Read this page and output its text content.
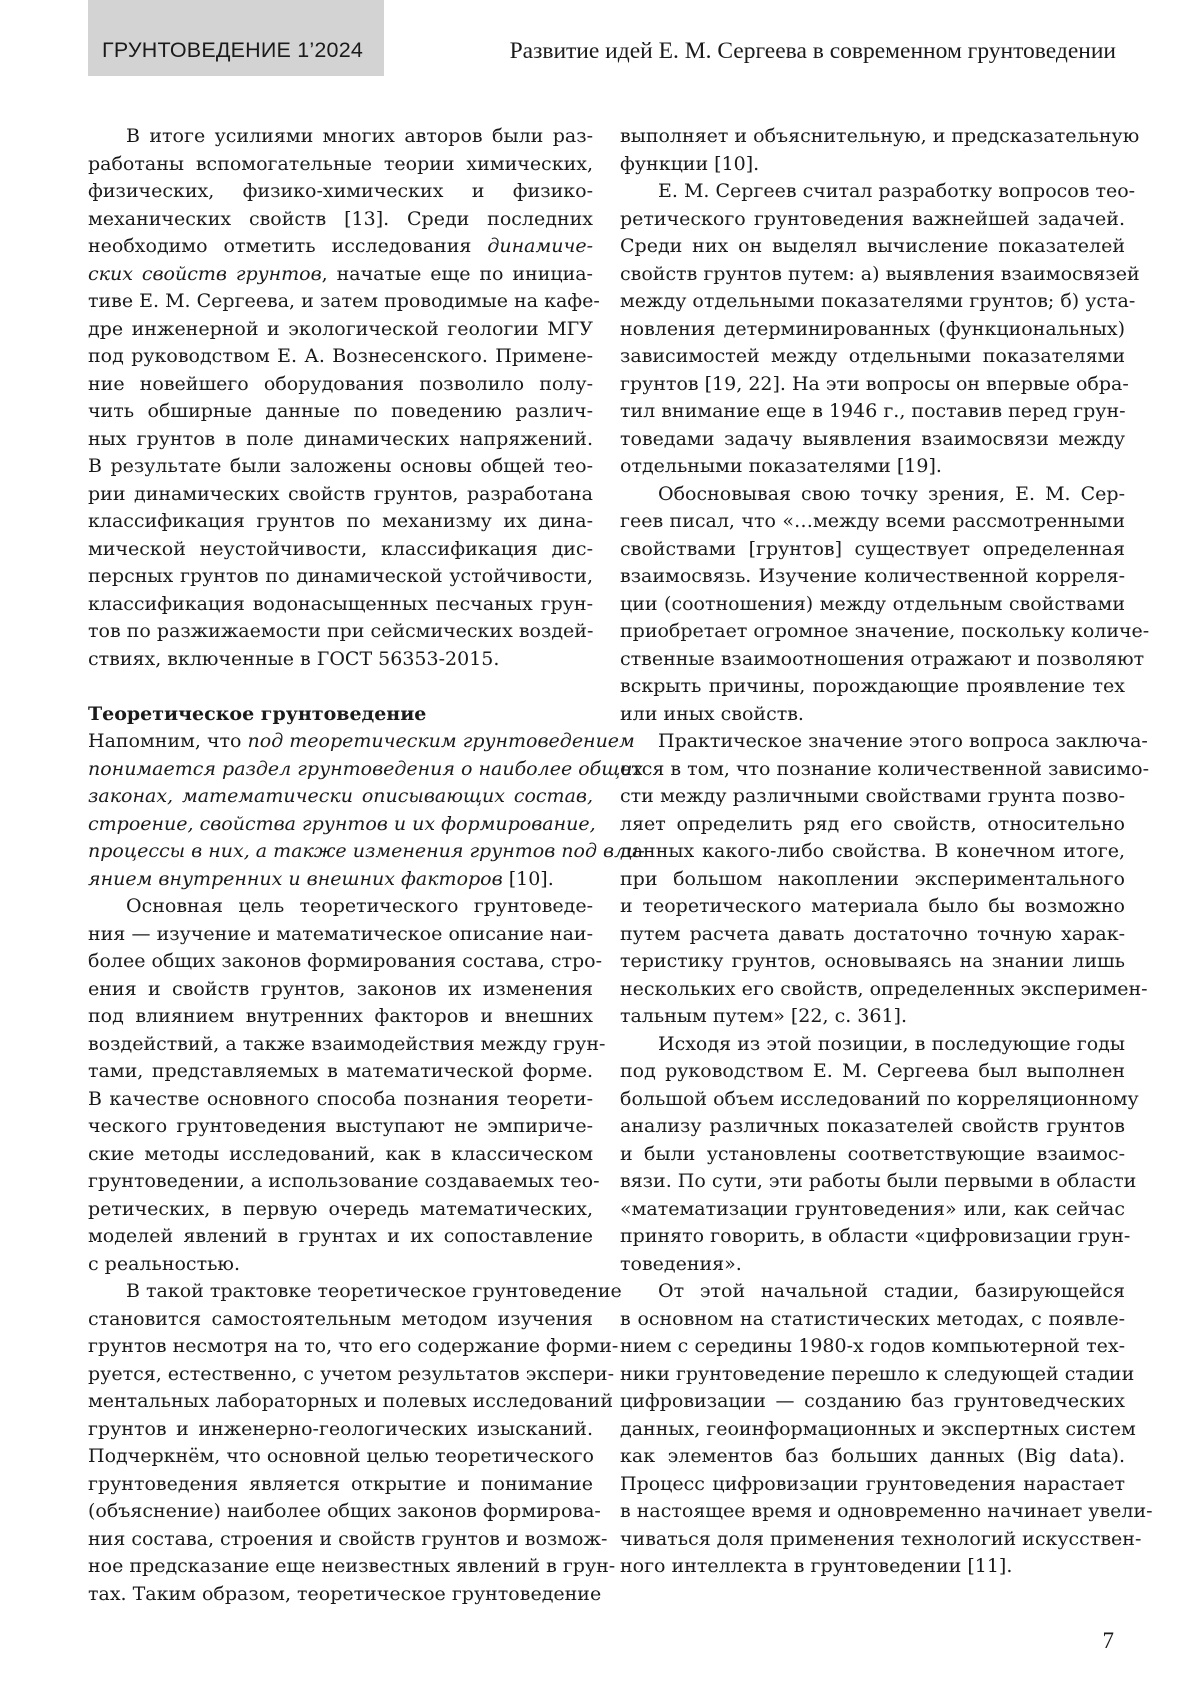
ГРУНТОВЕДЕНИЕ 1’2024	Развитие идей Е. М. Сергеева в современном грунтоведении
В итоге усилиями многих авторов были раз-
работаны вспомогательные теории химических,
физических, физико-химических и физико-
механических свойств [13]. Среди последних
необходимо отметить исследования динамиче-
ских свойств грунтов, начатые еще по инициа-
тиве Е. М. Сергеева, и затем проводимые на кафе-
дре инженерной и экологической геологии МГУ
под руководством Е. А. Вознесенского. Примене-
ние новейшего оборудования позволило полу-
чить обширные данные по поведению различ-
ных грунтов в поле динамических напряжений.
В результате были заложены основы общей тео-
рии динамических свойств грунтов, разработана
классификация грунтов по механизму их дина-
мической неустойчивости, классификация дис-
персных грунтов по динамической устойчивости,
классификация водонасыщенных песчаных грун-
тов по разжижаемости при сейсмических воздей-
ствиях, включенные в ГОСТ 56353-2015.
Теоретическое грунтоведение
Напомним, что под теоретическим грунтоведением
понимается раздел грунтоведения о наиболее общих
законах, математически описывающих состав,
строение, свойства грунтов и их формирование,
процессы в них, а также изменения грунтов под вли-
янием внутренних и внешних факторов [10].
Основная цель теоретического грунтоведе-
ния — изучение и математическое описание наи-
более общих законов формирования состава, стро-
ения и свойств грунтов, законов их изменения
под влиянием внутренних факторов и внешних
воздействий, а также взаимодействия между грун-
тами, представляемых в математической форме.
В качестве основного способа познания теорети-
ческого грунтоведения выступают не эмпириче-
ские методы исследований, как в классическом
грунтоведении, а использование создаваемых тео-
ретических, в первую очередь математических,
моделей явлений в грунтах и их сопоставление
с реальностью.
В такой трактовке теоретическое грунтоведение
становится самостоятельным методом изучения
грунтов несмотря на то, что его содержание форми-
руется, естественно, с учетом результатов экспери-
ментальных лабораторных и полевых исследований
грунтов и инженерно-геологических изысканий.
Подчеркнём, что основной целью теоретического
грунтоведения является открытие и понимание
(объяснение) наиболее общих законов формирова-
ния состава, строения и свойств грунтов и возмож-
ное предсказание еще неизвестных явлений в грун-
тах. Таким образом, теоретическое грунтоведение
выполняет и объяснительную, и предсказательную
функции [10].
Е. М. Сергеев считал разработку вопросов тео-
ретического грунтоведения важнейшей задачей.
Среди них он выделял вычисление показателей
свойств грунтов путем: а) выявления взаимосвязей
между отдельными показателями грунтов; б) уста-
новления детерминированных (функциональных)
зависимостей между отдельными показателями
грунтов [19, 22]. На эти вопросы он впервые обра-
тил внимание еще в 1946 г., поставив перед грун-
товедами задачу выявления взаимосвязи между
отдельными показателями [19].
Обосновывая свою точку зрения, Е. М. Сер-
геев писал, что «…между всеми рассмотренными
свойствами [грунтов] существует определенная
взаимосвязь. Изучение количественной корреля-
ции (соотношения) между отдельным свойствами
приобретает огромное значение, поскольку количе-
ственные взаимоотношения отражают и позволяют
вскрыть причины, порождающие проявление тех
или иных свойств.
Практическое значение этого вопроса заключа-
ется в том, что познание количественной зависимо-
сти между различными свойствами грунта позво-
ляет определить ряд его свойств, относительно
данных какого-либо свойства. В конечном итоге,
при большом накоплении экспериментального
и теоретического материала было бы возможно
путем расчета давать достаточно точную харак-
теристику грунтов, основываясь на знании лишь
нескольких его свойств, определенных эксперимен-
тальным путем» [22, с. 361].
Исходя из этой позиции, в последующие годы
под руководством Е. М. Сергеева был выполнен
большой объем исследований по корреляционному
анализу различных показателей свойств грунтов
и были установлены соответствующие взаимос-
вязи. По сути, эти работы были первыми в области
«математизации грунтоведения» или, как сейчас
принято говорить, в области «цифровизации грун-
товедения».
От этой начальной стадии, базирующейся
в основном на статистических методах, с появле-
нием с середины 1980-х годов компьютерной тех-
ники грунтоведение перешло к следующей стадии
цифровизации — созданию баз грунтоведческих
данных, геоинформационных и экспертных систем
как элементов баз больших данных (Big data).
Процесс цифровизации грунтоведения нарастает
в настоящее время и одновременно начинает увели-
чиваться доля применения технологий искусствен-
ного интеллекта в грунтоведении [11].
7
